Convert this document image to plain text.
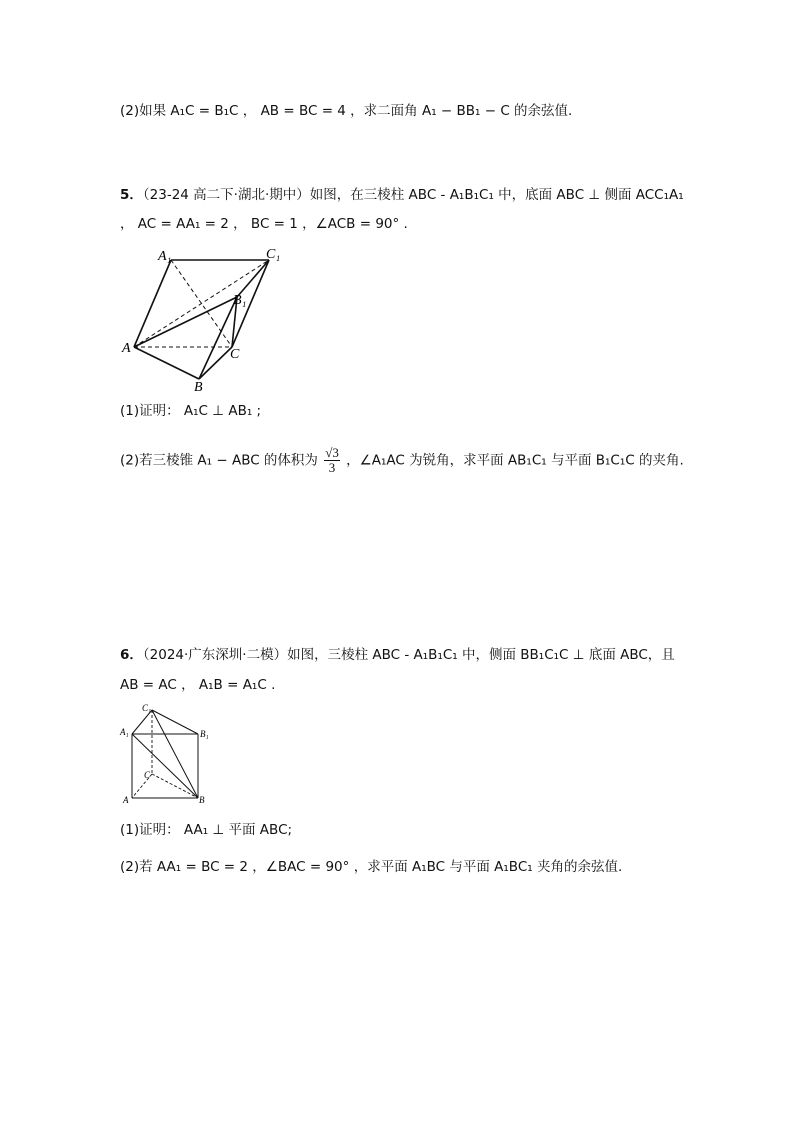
(2)如果 A₁C = B₁C ， AB = BC = 4 ，求二面角 A₁ − BB₁ − C 的余弦值.
5．（23-24 高二下·湖北·期中）如图，在三棱柱 ABC - A₁B₁C₁ 中，底面 ABC ⊥ 侧面 ACC₁A₁
， AC = AA₁ = 2 ， BC = 1 ，∠ACB = 90° .
A₁	C₁
B₁
A	C
B
(1)证明： A₁C ⊥ AB₁ ;
(2)若三棱锥 A₁ − ABC 的体积为 $\frac{√3}{3}$ ，∠A₁AC 为锐角，求平面 AB₁C₁ 与平面 B₁C₁C 的夹角.
6．（2024·广东深圳·二模）如图，三棱柱 ABC - A₁B₁C₁ 中，侧面 BB₁C₁C ⊥ 底面 ABC，且
AB = AC ， A₁B = A₁C .
C₁
A₁	B₁
C
A	B
(1)证明： AA₁ ⊥ 平面 ABC;
(2)若 AA₁ = BC = 2 ，∠BAC = 90° ，求平面 A₁BC 与平面 A₁BC₁ 夹角的余弦值.
